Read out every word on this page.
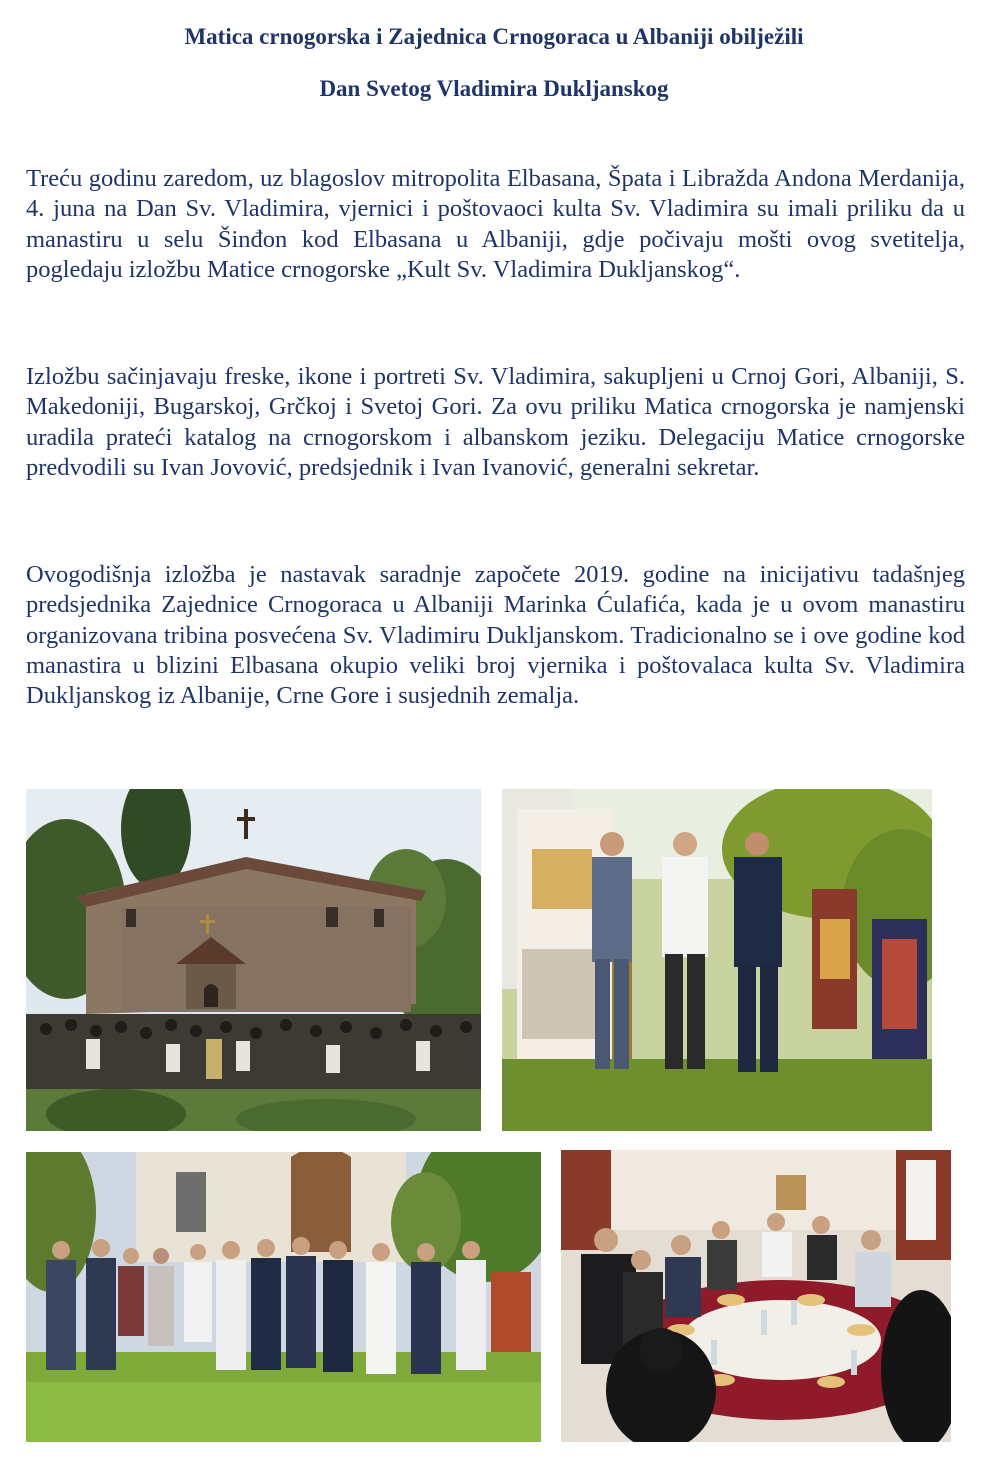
Matica crnogorska i Zajednica Crnogoraca u Albaniji obilježili
Dan Svetog Vladimira Dukljanskog

Treću godinu zaredom, uz blagoslov mitropolita Elbasana, Špata i Libražda Andona Merdanija, 4. juna na Dan Sv. Vladimira, vjernici i poštovaoci kulta Sv. Vladimira su imali priliku da u manastiru u selu Šinđon kod Elbasana u Albaniji, gdje počivaju mošti ovog svetitelja, pogledaju izložbu Matice crnogorske „Kult Sv. Vladimira Dukljanskog“.

Izložbu sačinjavaju freske, ikone i portreti Sv. Vladimira, sakupljeni u Crnoj Gori, Albaniji, S. Makedoniji, Bugarskoj, Grčkoj i Svetoj Gori. Za ovu priliku Matica crnogorska je namjenski uradila prateći katalog na crnogorskom i albanskom jeziku. Delegaciju Matice crnogorske predvodili su Ivan Jovović, predsjednik i Ivan Ivanović, generalni sekretar.

Ovogodišnja izložba je nastavak saradnje započete 2019. godine na inicijativu tadašnjeg predsjednika Zajednice Crnogoraca u Albaniji Marinka Ćulafića, kada je u ovom manastiru organizovana tribina posvećena Sv. Vladimiru Dukljanskom. Tradicionalno se i ove godine kod manastira u blizini Elbasana okupio veliki broj vjernika i poštovalaca kulta Sv. Vladimira Dukljanskog iz Albanije, Crne Gore i susjednih zemalja.
